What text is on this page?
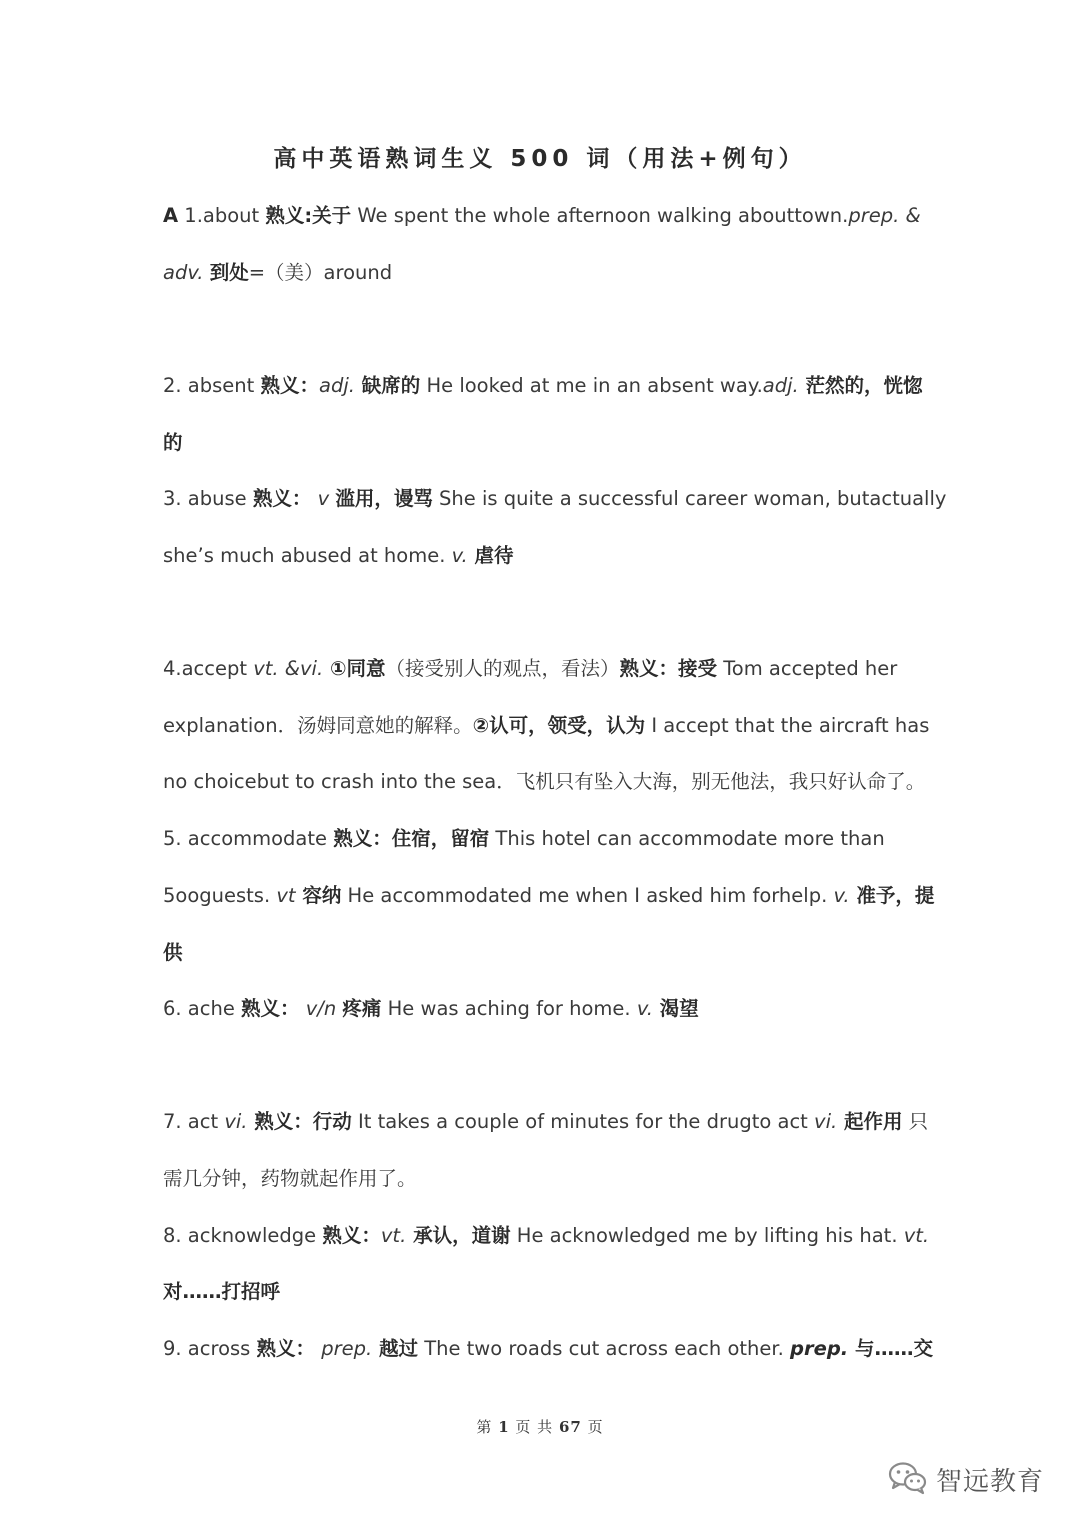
高中英语熟词生义 500 词（用法+例句）
A 1.about 熟义:关于 We spent the whole afternoon walking abouttown.prep. &
adv. 到处=（美）around
2. absent 熟义：adj. 缺席的 He looked at me in an absent way.adj. 茫然的，恍惚
的
3. abuse 熟义： v 滥用，谩骂 She is quite a successful career woman, butactually
she’s much abused at home. v. 虐待
4.accept vt. &vi. ①同意（接受别人的观点，看法）熟义：接受 Tom accepted her
explanation．汤姆同意她的解释。②认可，领受，认为 I accept that the aircraft has
no choicebut to crash into the sea．飞机只有坠入大海，别无他法，我只好认命了。
5. accommodate 熟义：住宿，留宿 This hotel can accommodate more than
5ooguests. vt 容纳 He accommodated me when I asked him forhelp. v. 准予，提
供
6. ache 熟义： v/n 疼痛 He was aching for home. v. 渴望
7. act vi. 熟义：行动 It takes a couple of minutes for the drugto act vi. 起作用 只
需几分钟，药物就起作用了。
8. acknowledge 熟义：vt. 承认，道谢 He acknowledged me by lifting his hat. vt.
对……打招呼
9. across 熟义： prep. 越过 The two roads cut across each other. prep. 与……交
第 1 页 共 67 页
智远教育
